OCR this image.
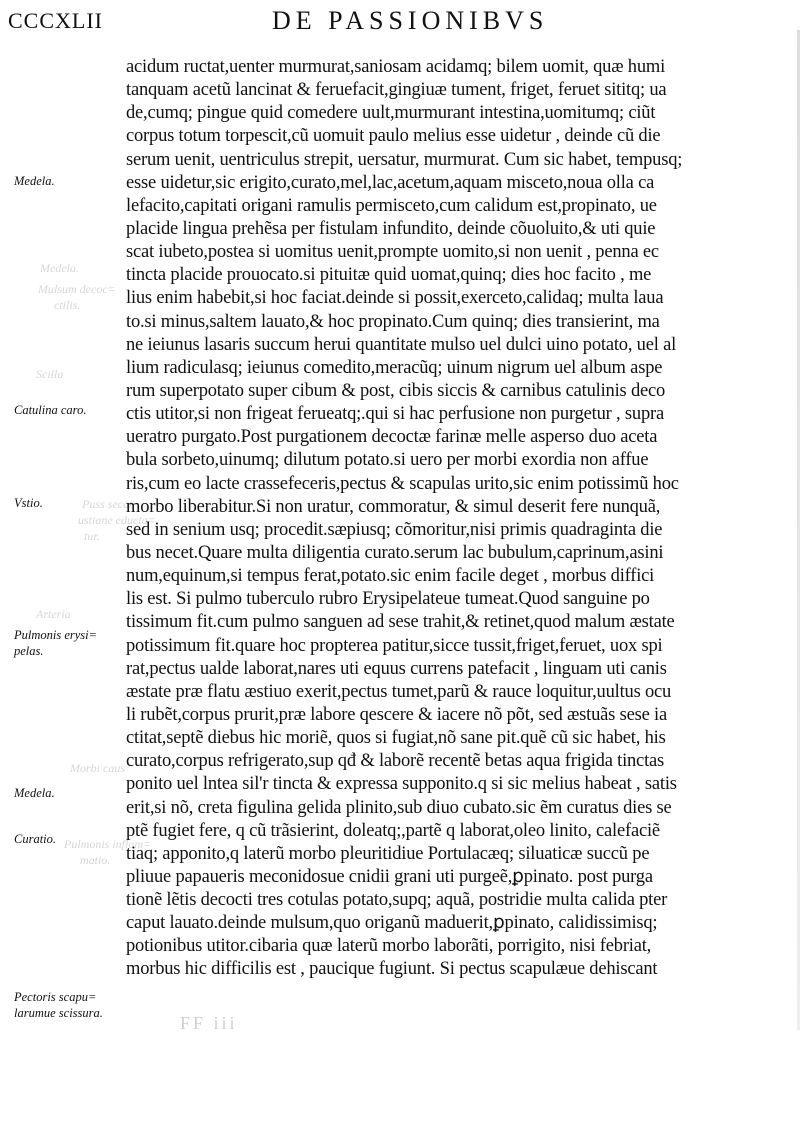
CCCXLII	DE PASSIONIBVS
Medela.
Mulsum decoc=
ctilis.
Scilla
Puss secat
ustiane educta=
tur.
Arteria
Morbi caus
Pulmonis inflam=
matio.
Medela.
Catulina caro.
Vstio.
Pulmonis erysi=
pelas.
Medela.
Curatio.
Pectoris scapu=
larumue scissura.
acidum ructat,uenter murmurat,saniosam acidamq; bilem uomit, quæ humi
tanquam acetũ lancinat & feruefacit,gingiuæ tument, friget, feruet sititq; ua
de,cumq; pingue quid comedere uult,murmurant intestina,uomitumq; ciũt
corpus totum torpescit,cũ uomuit paulo melius esse uidetur , deinde cũ die
serum uenit, uentriculus strepit, uersatur, murmurat. Cum sic habet, tempusq;
esse uidetur,sic erigito,curato,mel,lac,acetum,aquam misceto,noua olla ca
lefacito,capitati origani ramulis permisceto,cum calidum est,propinato, ue
placide lingua prehẽsa per fistulam infundito, deinde cõuoluito,& uti quie
scat iubeto,postea si uomitus uenit,prompte uomito,si non uenit , penna ec
tincta placide prouocato.si pituitæ quid uomat,quinq; dies hoc facito , me
lius enim habebit,si hoc faciat.deinde si possit,exerceto,calidaq; multa laua
to.si minus,saltem lauato,& hoc propinato.Cum quinq; dies transierint, ma
ne ieiunus lasaris succum herui quantitate mulso uel dulci uino potato, uel al
lium radiculasq; ieiunus comedito,meracũq; uinum nigrum uel album aspe
rum superpotato super cibum & post, cibis siccis & carnibus catulinis deco
ctis utitor,si non frigeat ferueatq;.qui si hac perfusione non purgetur , supra
ueratro purgato.Post purgationem decoctæ farinæ melle asperso duo aceta
bula sorbeto,uinumq; dilutum potato.si uero per morbi exordia non affue
ris,cum eo lacte crassefeceris,pectus & scapulas urito,sic enim potissimũ hoc
morbo liberabitur.Si non uratur, commoratur, & simul deserit fere nunquã,
sed in senium usq; procedit.sæpiusq; cõmoritur,nisi primis quadraginta die
bus necet.Quare multa diligentia curato.serum lac bubulum,caprinum,asini
num,equinum,si tempus ferat,potato.sic enim facile deget , morbus diffici
lis est. Si pulmo tuberculo rubro Erysipelateue tumeat.Quod sanguine po
tissimum fit.cum pulmo sanguen ad sese trahit,& retinet,quod malum æstate
potissimum fit.quare hoc propterea patitur,sicce tussit,friget,feruet, uox spi
rat,pectus ualde laborat,nares uti equus currens patefacit , linguam uti canis
æstate præ flatu æstiuo exerit,pectus tumet,parũ & rauce loquitur,uultus ocu
li rubẽt,corpus prurit,præ labore qescere & iacere nõ põt, sed æstuãs sese ia
ctitat,septẽ diebus hic moriẽ, quos si fugiat,nõ sane pit.quẽ cũ sic habet, his
curato,corpus refrigerato,sup qđ & laborẽ recentẽ betas aqua frigida tinctas
ponito uel lntea sil'r tincta & expressa supponito.q si sic melius habeat , satis
erit,si nõ, creta figulina gelida plinito,sub diuo cubato.sic ẽm curatus dies se
ptẽ fugiet fere, q cũ trãsierint, doleatq;,partẽ q laborat,oleo linito, calefaciẽ
tiaq; apponito,q laterũ morbo pleuritidiue Portulacæq; siluaticæ succũ pe
pliuue papaueris meconidosue cnidii grani uti purgeẽ,ꝑpinato. post purga
tionẽ lẽtis decocti tres cotulas potato,supq; aquã, postridie multa calida pter
caput lauato.deinde mulsum,quo origanũ maduerit,ꝑpinato, calidissimisq;
potionibus utitor.cibaria quæ laterũ morbo laborãti, porrigito, nisi febriat,
morbus hic difficilis est , paucique fugiunt. Si pectus scapulæue dehiscant
FF iii
